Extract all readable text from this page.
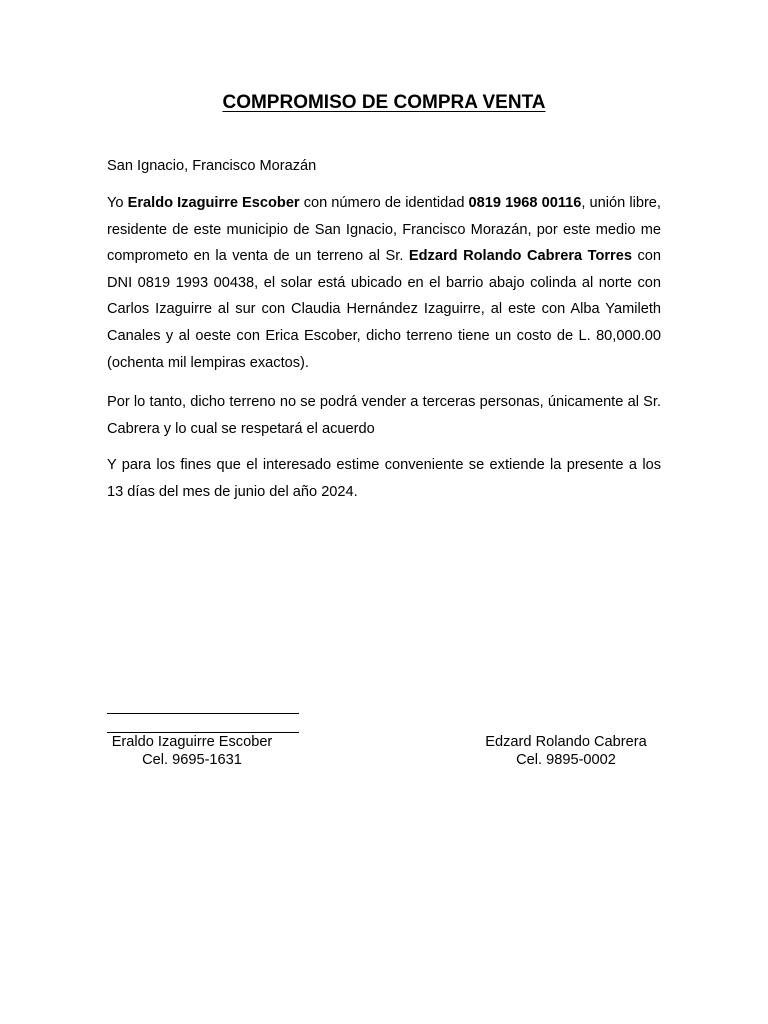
COMPROMISO DE COMPRA VENTA

San Ignacio, Francisco Morazán

Yo Eraldo Izaguirre Escober con número de identidad 0819 1968 00116, unión libre, residente de este municipio de San Ignacio, Francisco Morazán, por este medio me comprometo en la venta de un terreno al Sr. Edzard Rolando Cabrera Torres con DNI 0819 1993 00438, el solar está ubicado en el barrio abajo colinda al norte con Carlos Izaguirre al sur con Claudia Hernández Izaguirre, al este con Alba Yamileth Canales y al oeste con Erica Escober, dicho terreno tiene un costo de L. 80,000.00 (ochenta mil lempiras exactos).

Por lo tanto, dicho terreno no se podrá vender a terceras personas, únicamente al Sr. Cabrera y lo cual se respetará el acuerdo

Y para los fines que el interesado estime conveniente se extiende la presente a los 13 días del mes de junio del año 2024.

Eraldo Izaguirre Escober
Cel. 9695-1631
Edzard Rolando Cabrera
Cel. 9895-0002
